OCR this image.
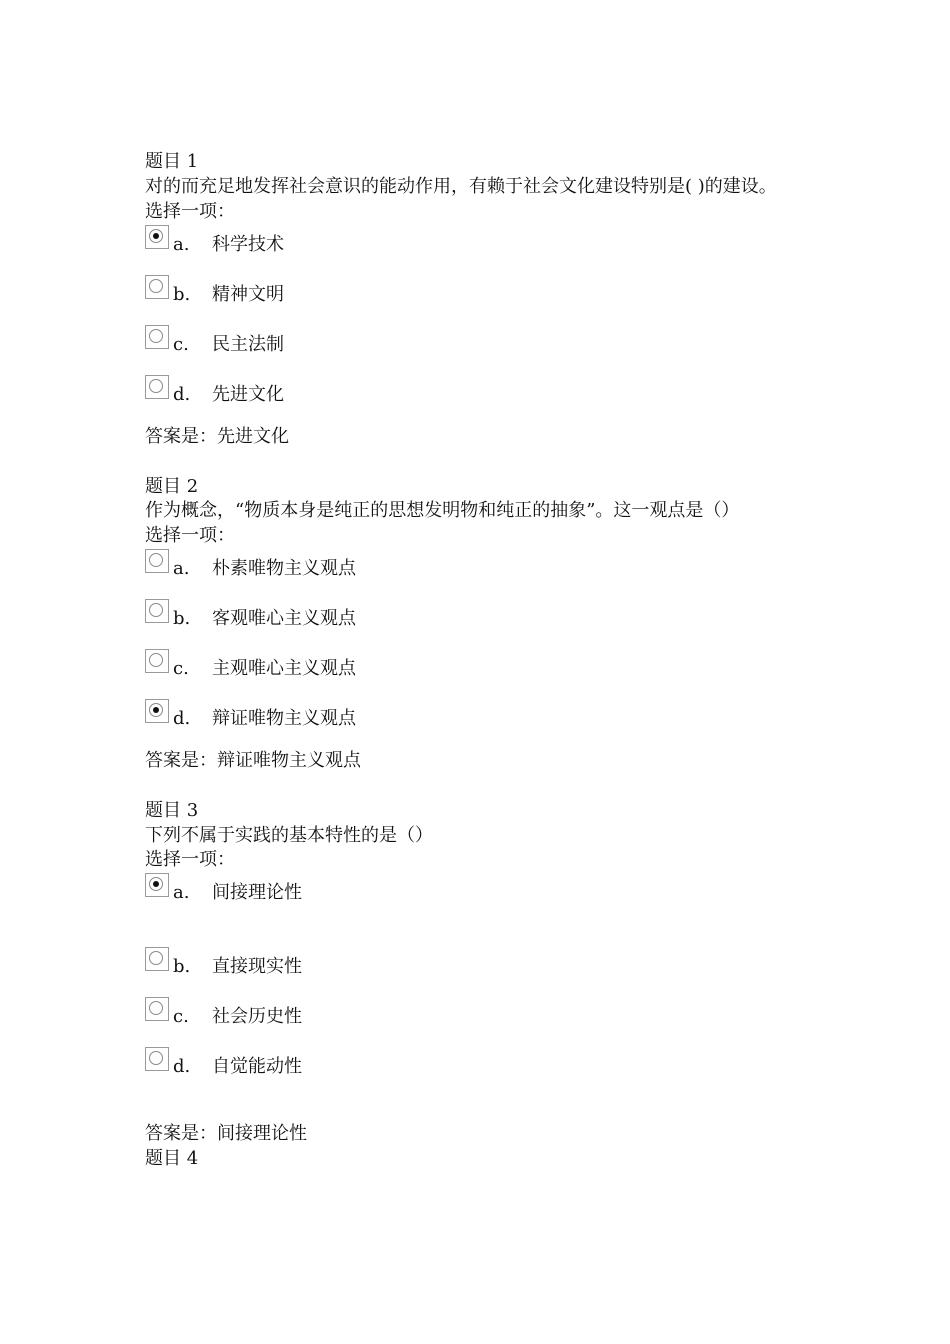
题目 1
对的而充足地发挥社会意识的能动作用，有赖于社会文化建设特别是( )的建设。
选择一项：
a. 科学技术
b. 精神文明
c. 民主法制
d. 先进文化
答案是：先进文化
题目 2
作为概念，“物质本身是纯正的思想发明物和纯正的抽象”。这一观点是（）
选择一项：
a. 朴素唯物主义观点
b. 客观唯心主义观点
c. 主观唯心主义观点
d. 辩证唯物主义观点
答案是：辩证唯物主义观点
题目 3
下列不属于实践的基本特性的是（）
选择一项：
a. 间接理论性
b. 直接现实性
c. 社会历史性
d. 自觉能动性
答案是：间接理论性
题目 4
